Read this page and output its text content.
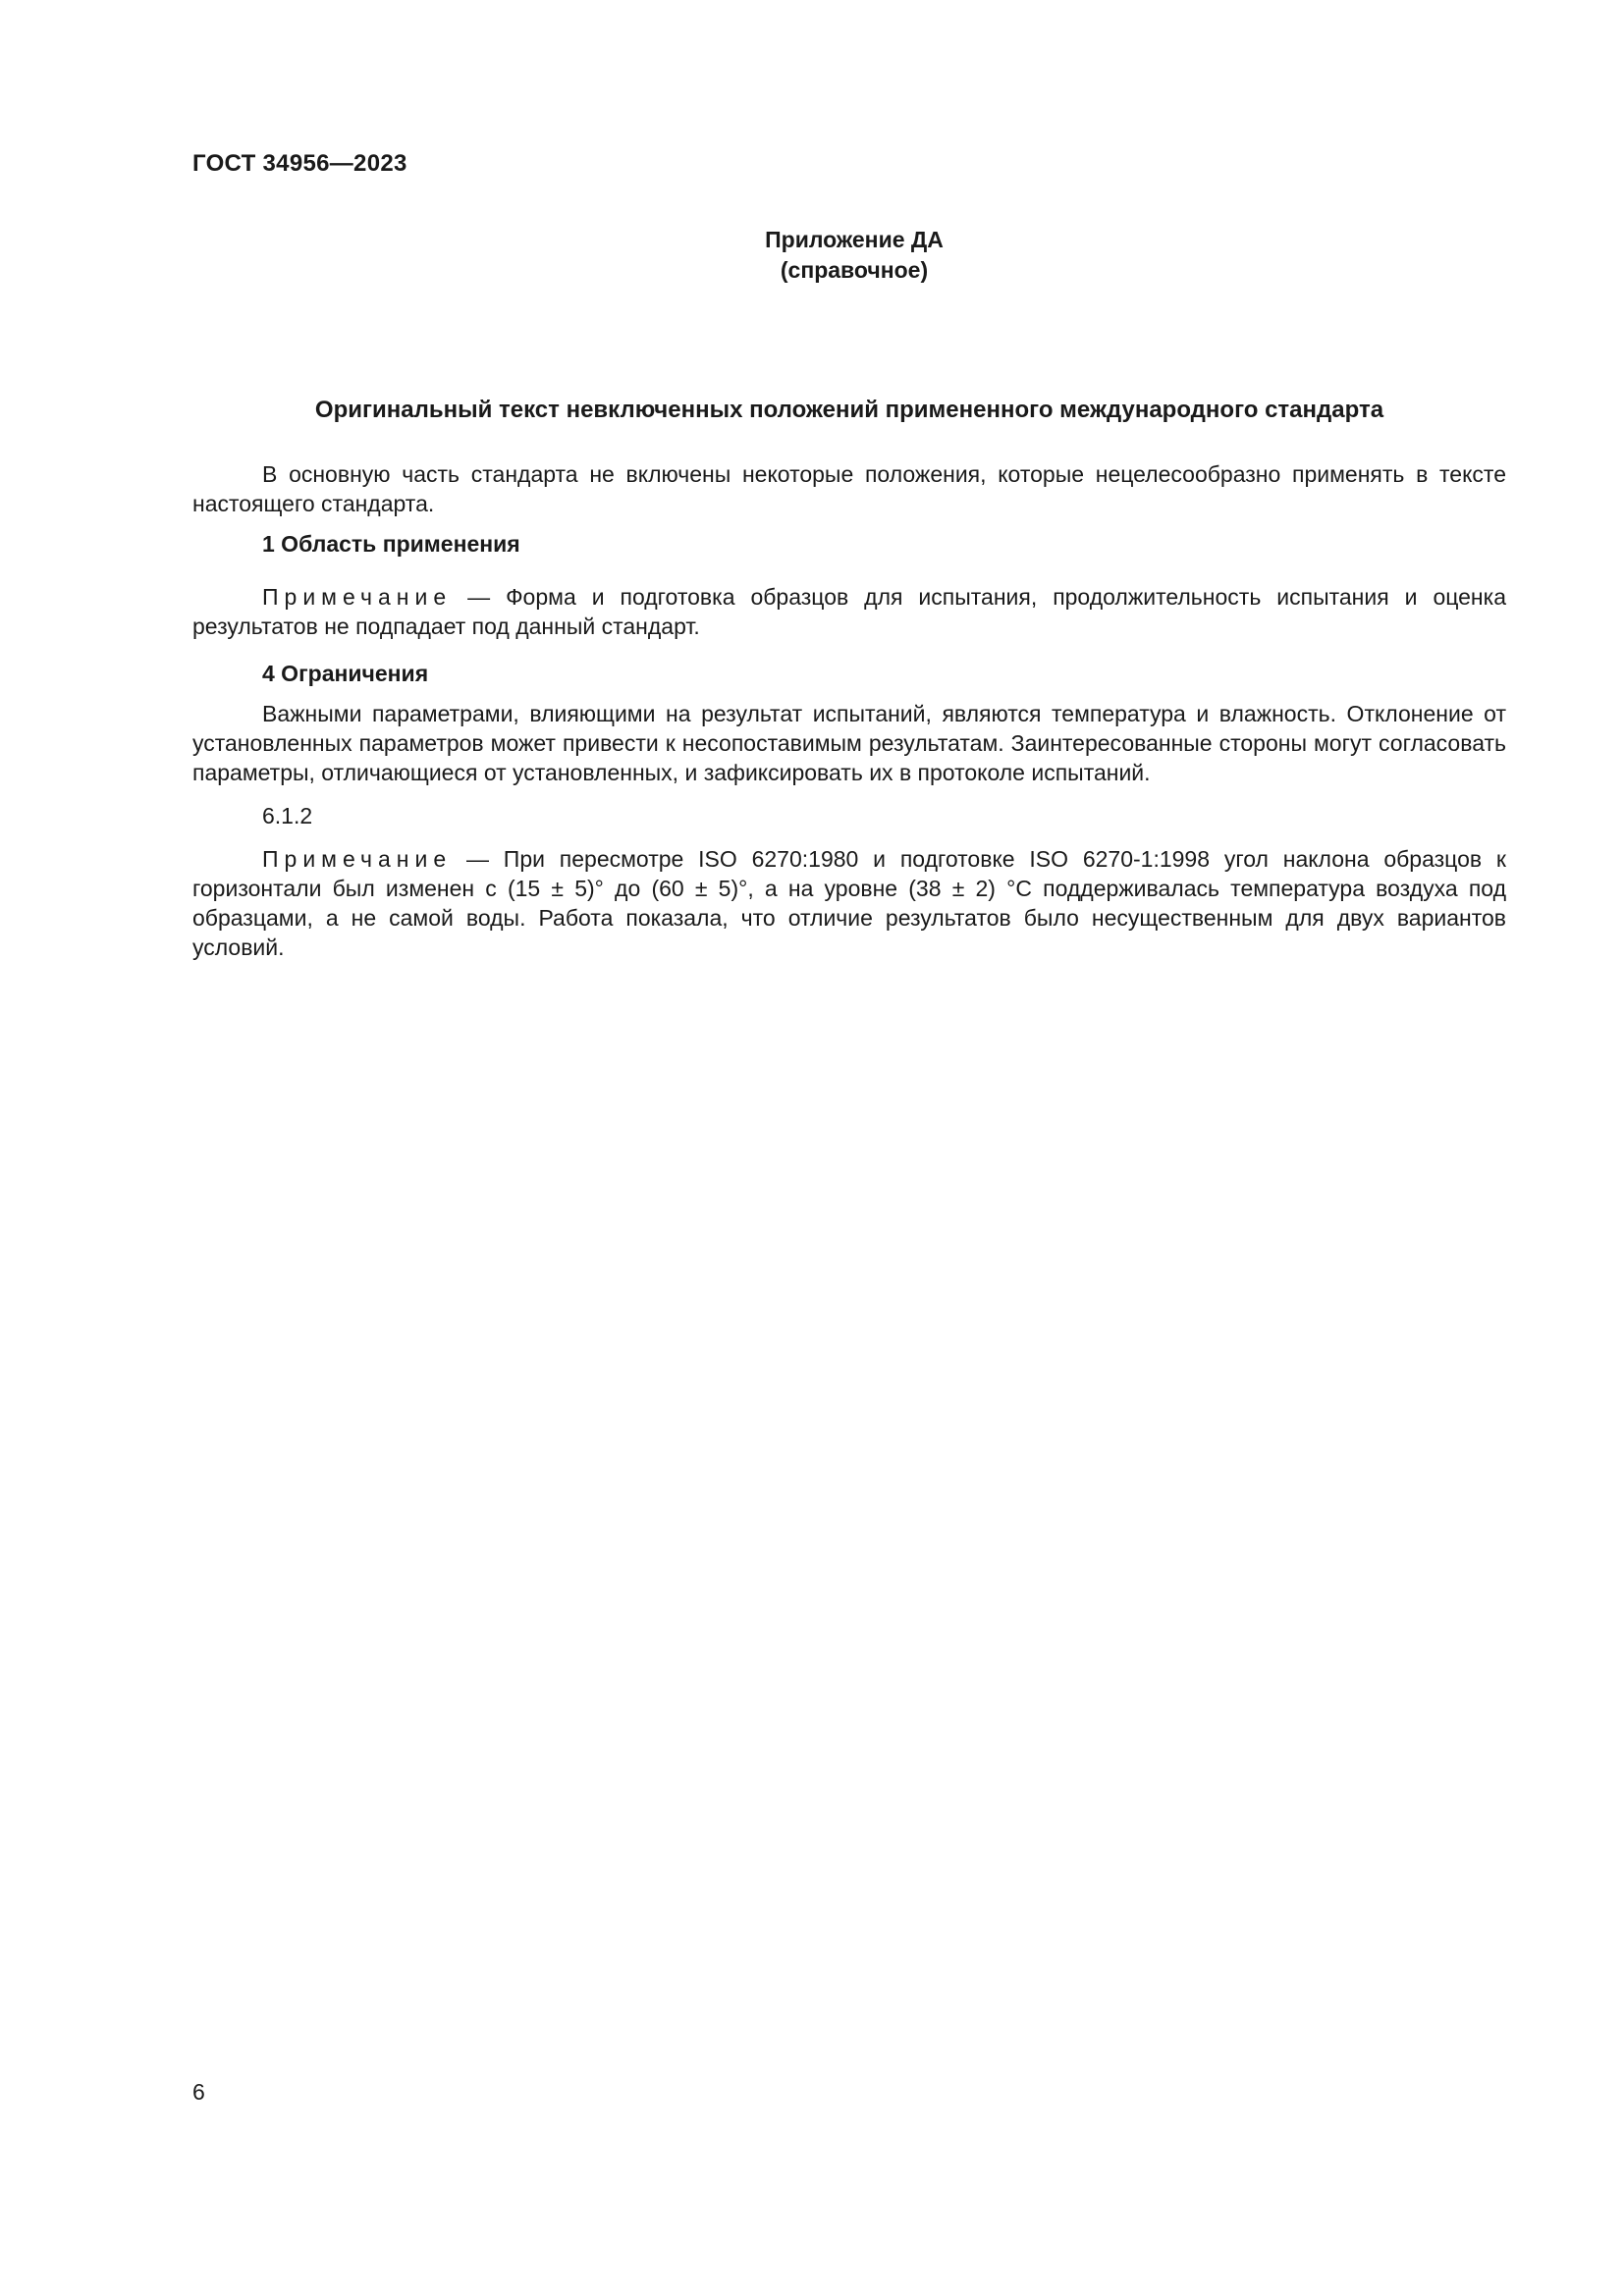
ГОСТ 34956—2023
Приложение ДА
(справочное)
Оригинальный текст невключенных положений примененного международного стандарта

В основную часть стандарта не включены некоторые положения, которые нецелесообразно применять в тексте настоящего стандарта.

1 Область применения

Примечание — Форма и подготовка образцов для испытания, продолжительность испытания и оценка результатов не подпадает под данный стандарт.

4 Ограничения

Важными параметрами, влияющими на результат испытаний, являются температура и влажность. Отклонение от установленных параметров может привести к несопоставимым результатам. Заинтересованные стороны могут согласовать параметры, отличающиеся от установленных, и зафиксировать их в протоколе испытаний.

6.1.2

Примечание — При пересмотре ISO 6270:1980 и подготовке ISO 6270-1:1998 угол наклона образцов к горизонтали был изменен с (15 ± 5)° до (60 ± 5)°, а на уровне (38 ± 2) °C поддерживалась температура воздуха под образцами, а не самой воды. Работа показала, что отличие результатов было несущественным для двух вариантов условий.

6
